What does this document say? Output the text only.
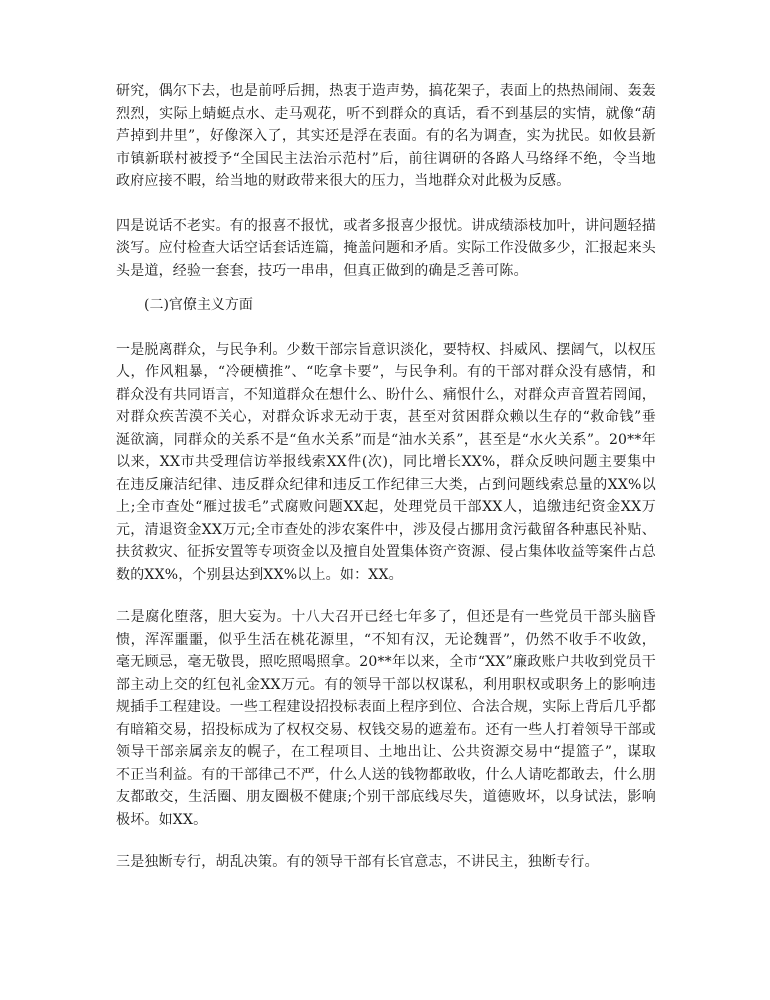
研究，偶尔下去，也是前呼后拥，热衷于造声势，搞花架子，表面上的热热闹闹、轰轰烈烈，实际上蜻蜓点水、走马观花，听不到群众的真话，看不到基层的实情，就像“葫芦掉到井里”，好像深入了，其实还是浮在表面。有的名为调查，实为扰民。如攸县新市镇新联村被授予“全国民主法治示范村”后，前往调研的各路人马络绎不绝，令当地政府应接不暇，给当地的财政带来很大的压力，当地群众对此极为反感。

四是说话不老实。有的报喜不报忧，或者多报喜少报忧。讲成绩添枝加叶，讲问题轻描淡写。应付检查大话空话套话连篇，掩盖问题和矛盾。实际工作没做多少，汇报起来头头是道，经验一套套，技巧一串串，但真正做到的确是乏善可陈。

(二)官僚主义方面

一是脱离群众，与民争利。少数干部宗旨意识淡化，要特权、抖威风、摆阔气，以权压人，作风粗暴，“冷硬横推”、“吃拿卡要”，与民争利。有的干部对群众没有感情，和群众没有共同语言，不知道群众在想什么、盼什么、痛恨什么，对群众声音置若罔闻，对群众疾苦漠不关心，对群众诉求无动于衷，甚至对贫困群众赖以生存的“救命钱”垂涎欲滴，同群众的关系不是“鱼水关系”而是“油水关系”，甚至是“水火关系”。20**年以来，XX市共受理信访举报线索XX件(次)，同比增长XX%，群众反映问题主要集中在违反廉洁纪律、违反群众纪律和违反工作纪律三大类，占到问题线索总量的XX%以上;全市查处“雁过拔毛”式腐败问题XX起，处理党员干部XX人，追缴违纪资金XX万元，清退资金XX万元;全市查处的涉农案件中，涉及侵占挪用贪污截留各种惠民补贴、扶贫救灾、征拆安置等专项资金以及擅自处置集体资产资源、侵占集体收益等案件占总数的XX%，个别县达到XX%以上。如：XX。

二是腐化堕落，胆大妄为。十八大召开已经七年多了，但还是有一些党员干部头脑昏愦，浑浑噩噩，似乎生活在桃花源里，“不知有汉，无论魏晋”，仍然不收手不收敛，毫无顾忌，毫无敬畏，照吃照喝照拿。20**年以来，全市“XX”廉政账户共收到党员干部主动上交的红包礼金XX万元。有的领导干部以权谋私，利用职权或职务上的影响违规插手工程建设。一些工程建设招投标表面上程序到位、合法合规，实际上背后几乎都有暗箱交易，招投标成为了权权交易、权钱交易的遮羞布。还有一些人打着领导干部或领导干部亲属亲友的幌子，在工程项目、土地出让、公共资源交易中“提篮子”，谋取不正当利益。有的干部律己不严，什么人送的钱物都敢收，什么人请吃都敢去，什么朋友都敢交，生活圈、朋友圈极不健康;个别干部底线尽失，道德败坏，以身试法，影响极坏。如XX。

三是独断专行，胡乱决策。有的领导干部有长官意志，不讲民主，独断专行。
